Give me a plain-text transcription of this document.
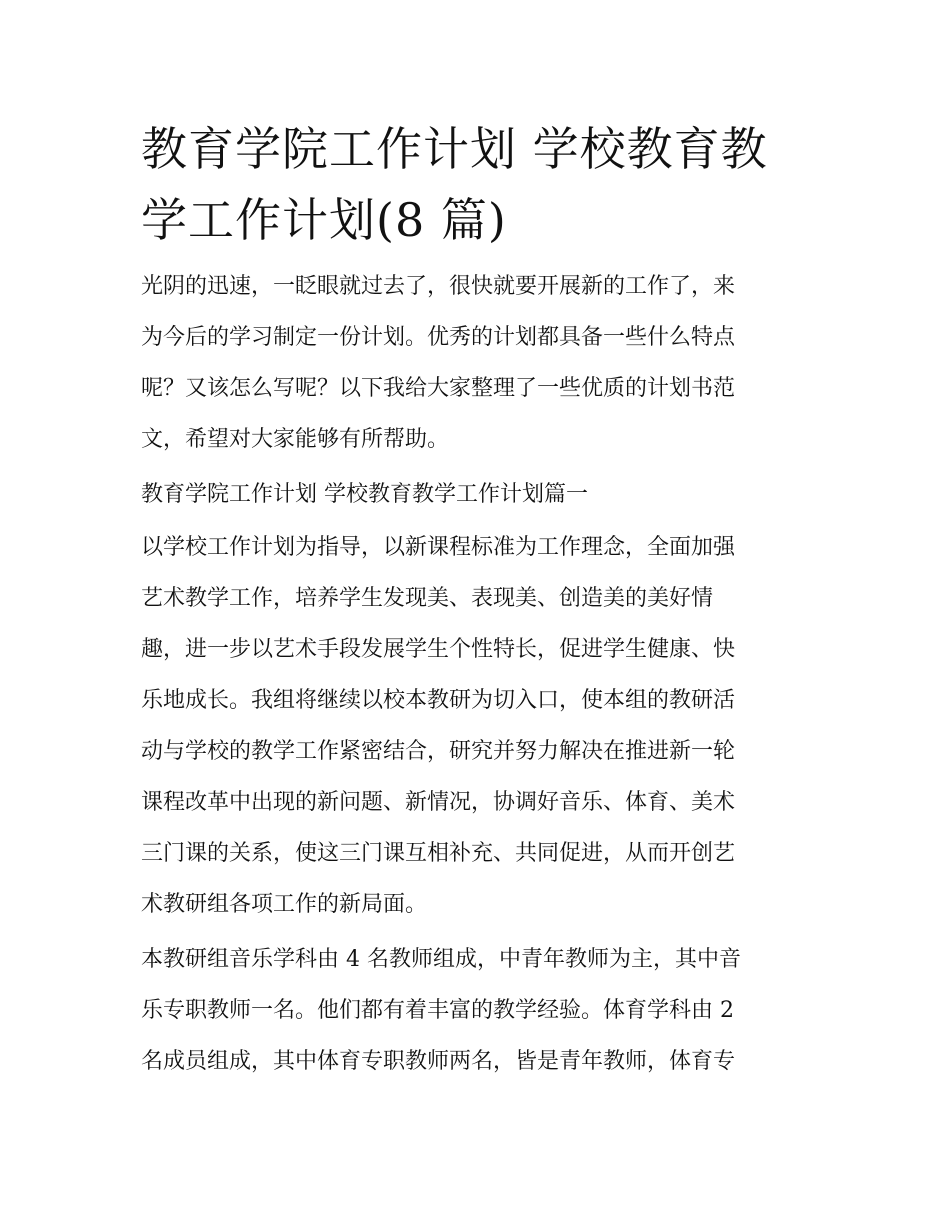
教育学院工作计划 学校教育教
学工作计划(8 篇)

光阴的迅速，一眨眼就过去了，很快就要开展新的工作了，来
为今后的学习制定一份计划。优秀的计划都具备一些什么特点
呢？又该怎么写呢？以下我给大家整理了一些优质的计划书范
文，希望对大家能够有所帮助。

教育学院工作计划 学校教育教学工作计划篇一

以学校工作计划为指导，以新课程标准为工作理念，全面加强
艺术教学工作，培养学生发现美、表现美、创造美的美好情
趣，进一步以艺术手段发展学生个性特长，促进学生健康、快
乐地成长。我组将继续以校本教研为切入口，使本组的教研活
动与学校的教学工作紧密结合，研究并努力解决在推进新一轮
课程改革中出现的新问题、新情况，协调好音乐、体育、美术
三门课的关系，使这三门课互相补充、共同促进，从而开创艺
术教研组各项工作的新局面。

本教研组音乐学科由 4 名教师组成，中青年教师为主，其中音
乐专职教师一名。他们都有着丰富的教学经验。体育学科由 2
名成员组成，其中体育专职教师两名，皆是青年教师，体育专
